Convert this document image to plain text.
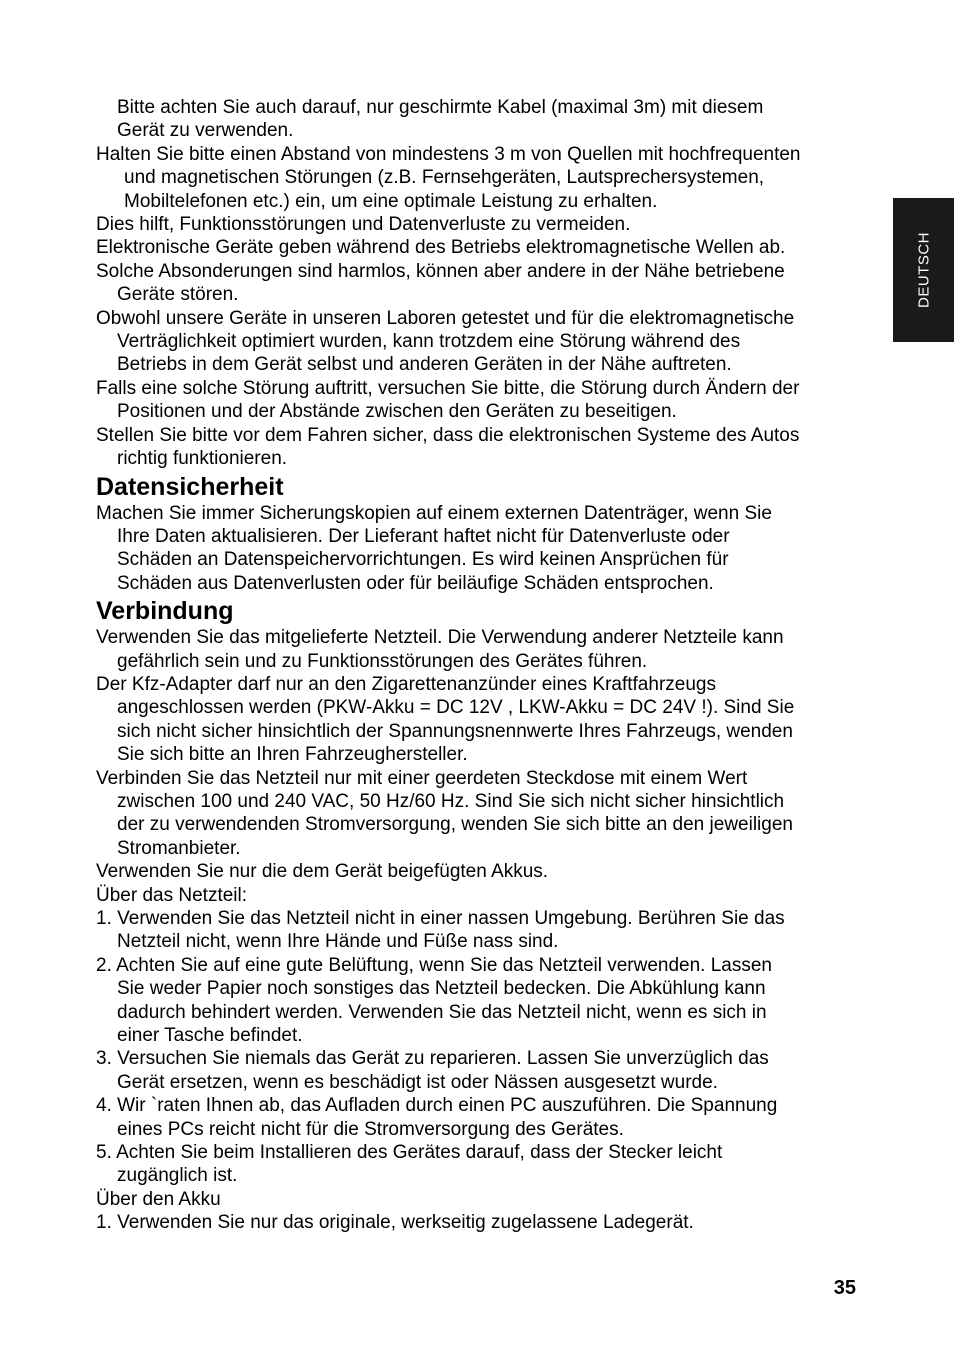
DEUTSCH
Bitte achten Sie auch darauf, nur geschirmte Kabel (maximal 3m) mit diesem
Gerät zu verwenden.
Halten Sie bitte einen Abstand von mindestens 3 m von Quellen mit hochfrequenten
und magnetischen Störungen (z.B. Fernsehgeräten, Lautsprechersystemen,
Mobiltelefonen etc.) ein, um eine optimale Leistung zu erhalten.
Dies hilft, Funktionsstörungen und Datenverluste zu vermeiden.
Elektronische Geräte geben während des Betriebs elektromagnetische Wellen ab.
Solche Absonderungen sind harmlos, können aber andere in der Nähe betriebene
Geräte stören.
Obwohl unsere Geräte in unseren Laboren getestet und für die elektromagnetische
Verträglichkeit optimiert wurden, kann trotzdem eine Störung während des
Betriebs in dem Gerät selbst und anderen Geräten in der Nähe auftreten.
Falls eine solche Störung auftritt, versuchen Sie bitte, die Störung durch Ändern der
Positionen und der Abstände zwischen den Geräten zu beseitigen.
Stellen Sie bitte vor dem Fahren sicher, dass die elektronischen Systeme des Autos
richtig funktionieren.
Datensicherheit
Machen Sie immer Sicherungskopien auf einem externen Datenträger, wenn Sie
Ihre Daten aktualisieren. Der Lieferant haftet nicht für Datenverluste oder
Schäden an Datenspeichervorrichtungen. Es wird keinen Ansprüchen für
Schäden aus Datenverlusten oder für beiläufige Schäden entsprochen.
Verbindung
Verwenden Sie das mitgelieferte Netzteil. Die Verwendung anderer Netzteile kann
gefährlich sein und zu Funktionsstörungen des Gerätes führen.
Der Kfz-Adapter darf nur an den Zigarettenanzünder eines Kraftfahrzeugs
angeschlossen werden (PKW-Akku = DC 12V , LKW-Akku = DC 24V !). Sind Sie
sich nicht sicher hinsichtlich der Spannungsnennwerte Ihres Fahrzeugs, wenden
Sie sich bitte an Ihren Fahrzeughersteller.
Verbinden Sie das Netzteil nur mit einer geerdeten Steckdose mit einem Wert
zwischen 100 und 240 VAC, 50 Hz/60 Hz. Sind Sie sich nicht sicher hinsichtlich
der zu verwendenden Stromversorgung, wenden Sie sich bitte an den jeweiligen
Stromanbieter.
Verwenden Sie nur die dem Gerät beigefügten Akkus.
Über das Netzteil:
1. Verwenden Sie das Netzteil nicht in einer nassen Umgebung. Berühren Sie das
Netzteil nicht, wenn Ihre Hände und Füße nass sind.
2. Achten Sie auf eine gute Belüftung, wenn Sie das Netzteil verwenden. Lassen
Sie weder Papier noch sonstiges das Netzteil bedecken. Die Abkühlung kann
dadurch behindert werden. Verwenden Sie das Netzteil nicht, wenn es sich in
einer Tasche befindet.
3. Versuchen Sie niemals das Gerät zu reparieren. Lassen Sie unverzüglich das
Gerät ersetzen, wenn es beschädigt ist oder Nässen ausgesetzt wurde.
4. Wir `raten Ihnen ab, das Aufladen durch einen PC auszuführen. Die Spannung
eines PCs reicht nicht für die Stromversorgung des Gerätes.
5. Achten Sie beim Installieren des Gerätes darauf, dass der Stecker leicht
zugänglich ist.
Über den Akku
1. Verwenden Sie nur das originale, werkseitig zugelassene Ladegerät.
35
